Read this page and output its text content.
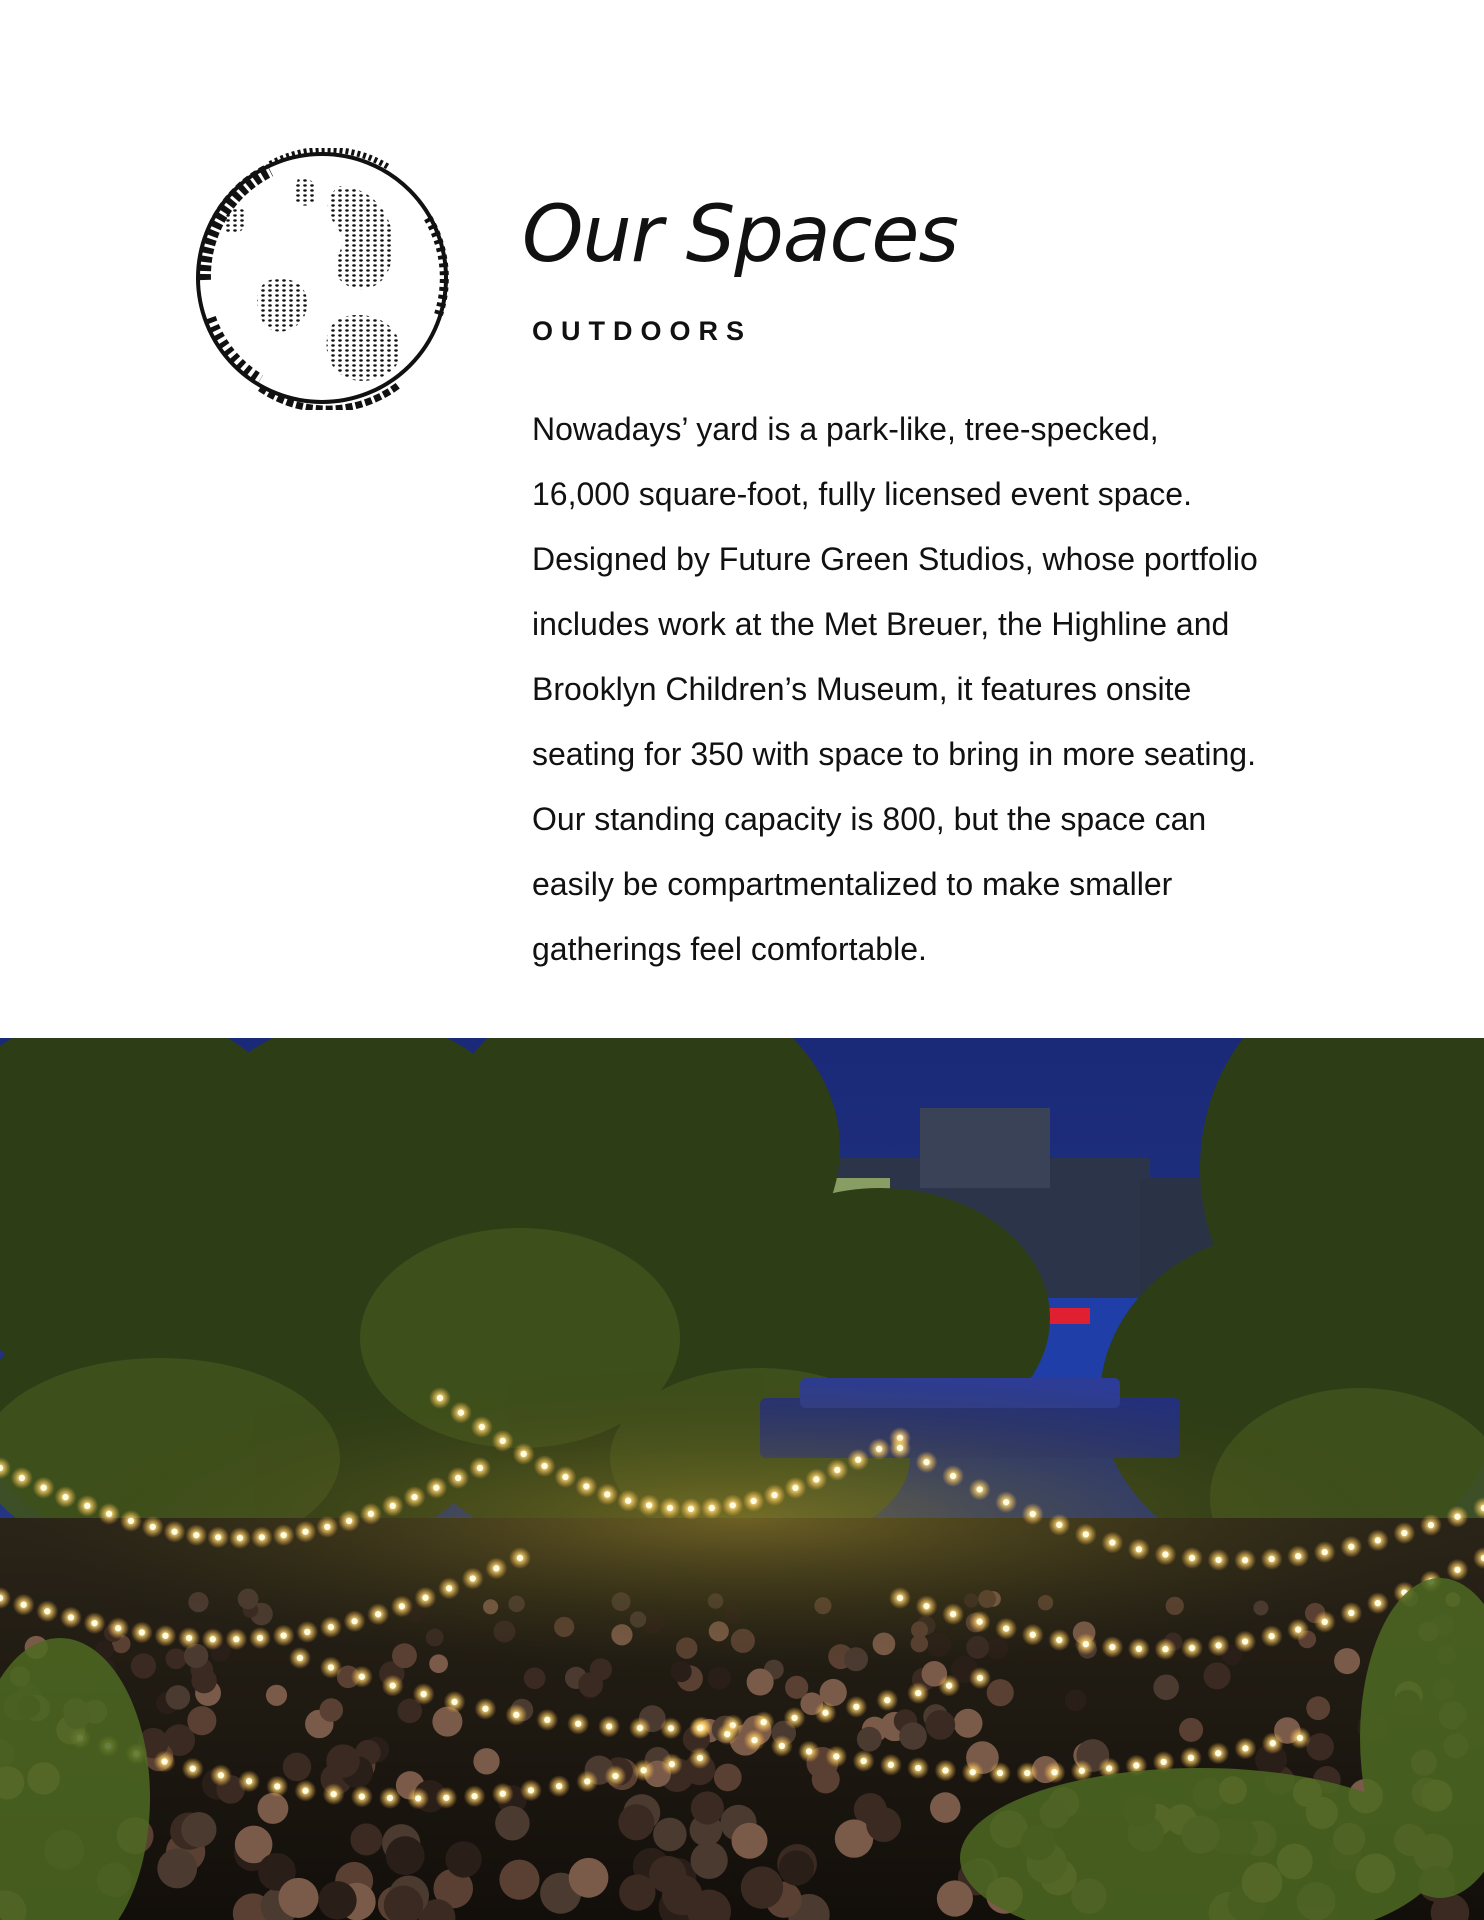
Our Spaces
OUTDOORS

Nowadays’ yard is a park-like, tree-specked,
16,000 square-foot, fully licensed event space.
Designed by Future Green Studios, whose portfolio
includes work at the Met Breuer, the Highline and
Brooklyn Children’s Museum, it features onsite
seating for 350 with space to bring in more seating.
Our standing capacity is 800, but the space can
easily be compartmentalized to make smaller
gatherings feel comfortable.
